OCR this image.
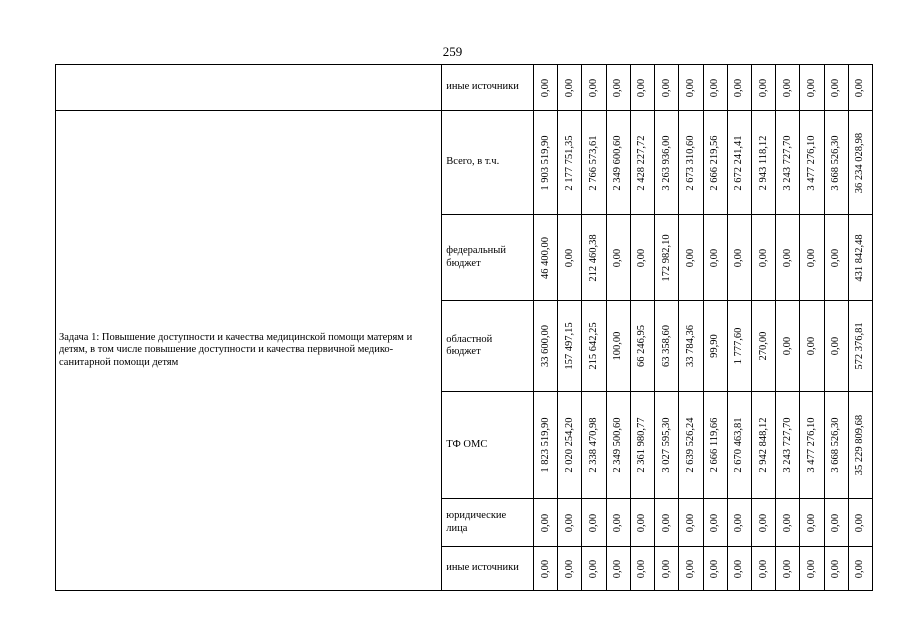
259
	иные источники	0,00	0,00	0,00	0,00	0,00	0,00	0,00	0,00	0,00	0,00	0,00	0,00	0,00	0,00

Задача 1: Повышение доступности и качества медицинской помощи матерям и детям, в том числе повышение доступности и качества первичной медико-санитарной помощи детям	Всего, в т.ч.	1 903 519,90	2 177 751,35	2 766 573,61	2 349 600,60	2 428 227,72	3 263 936,00	2 673 310,60	2 666 219,56	2 672 241,41	2 943 118,12	3 243 727,70	3 477 276,10	3 668 526,30	36 234 028,98

	федеральный бюджет	46 400,00	0,00	212 460,38	0,00	0,00	172 982,10	0,00	0,00	0,00	0,00	0,00	0,00	0,00	431 842,48

	областной бюджет	33 600,00	157 497,15	215 642,25	100,00	66 246,95	63 358,60	33 784,36	99,90	1 777,60	270,00	0,00	0,00	0,00	572 376,81

	ТФ ОМС	1 823 519,90	2 020 254,20	2 338 470,98	2 349 500,60	2 361 980,77	3 027 595,30	2 639 526,24	2 666 119,66	2 670 463,81	2 942 848,12	3 243 727,70	3 477 276,10	3 668 526,30	35 229 809,68

	юридические лица	0,00	0,00	0,00	0,00	0,00	0,00	0,00	0,00	0,00	0,00	0,00	0,00	0,00	0,00

	иные источники	0,00	0,00	0,00	0,00	0,00	0,00	0,00	0,00	0,00	0,00	0,00	0,00	0,00	0,00
